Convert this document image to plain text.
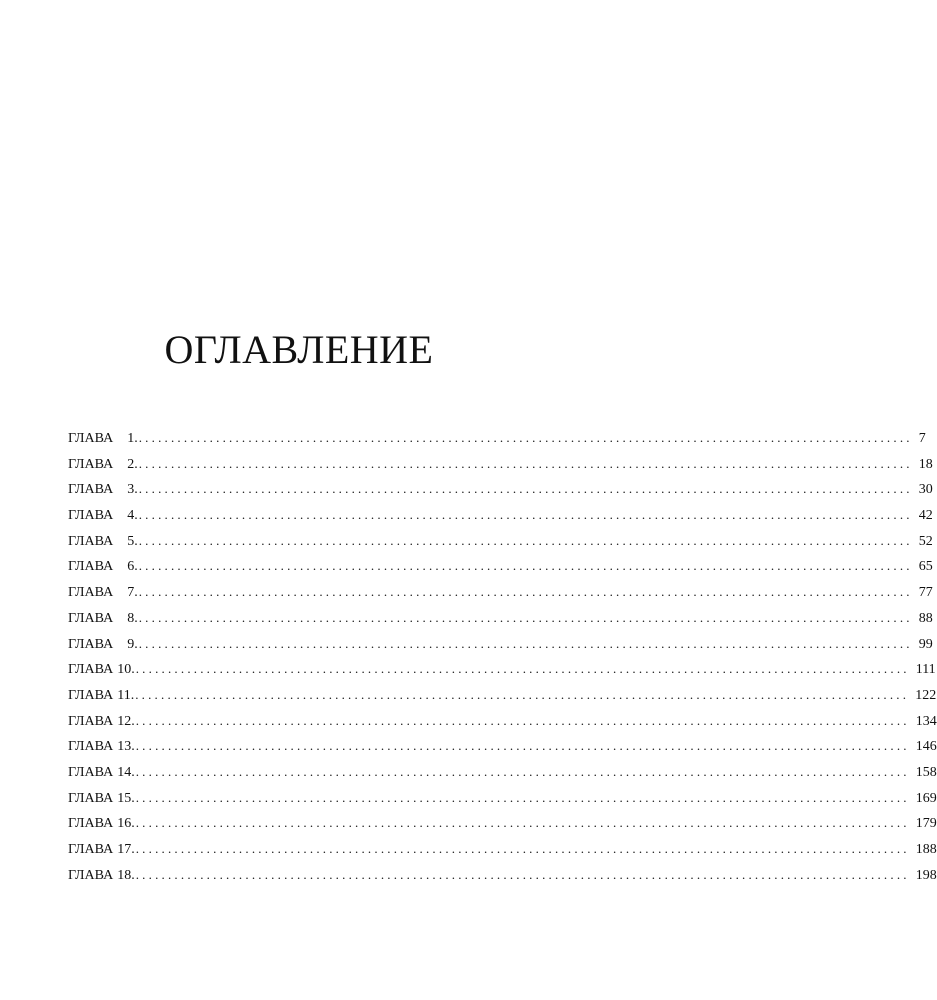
ОГЛАВЛЕНИЕ
ГЛАВА 1. ........................................................................................................................ 7
ГЛАВА 2. ........................................................................................................................ 18
ГЛАВА 3. ........................................................................................................................ 30
ГЛАВА 4. ........................................................................................................................ 42
ГЛАВА 5. ........................................................................................................................ 52
ГЛАВА 6. ........................................................................................................................ 65
ГЛАВА 7. ........................................................................................................................ 77
ГЛАВА 8. ........................................................................................................................ 88
ГЛАВА 9. ........................................................................................................................ 99
ГЛАВА 10. ........................................................................................................................ 111
ГЛАВА 11. ........................................................................................................................ 122
ГЛАВА 12. ........................................................................................................................ 134
ГЛАВА 13. ........................................................................................................................ 146
ГЛАВА 14. ........................................................................................................................ 158
ГЛАВА 15. ........................................................................................................................ 169
ГЛАВА 16. ........................................................................................................................ 179
ГЛАВА 17. ........................................................................................................................ 188
ГЛАВА 18. ........................................................................................................................ 198
